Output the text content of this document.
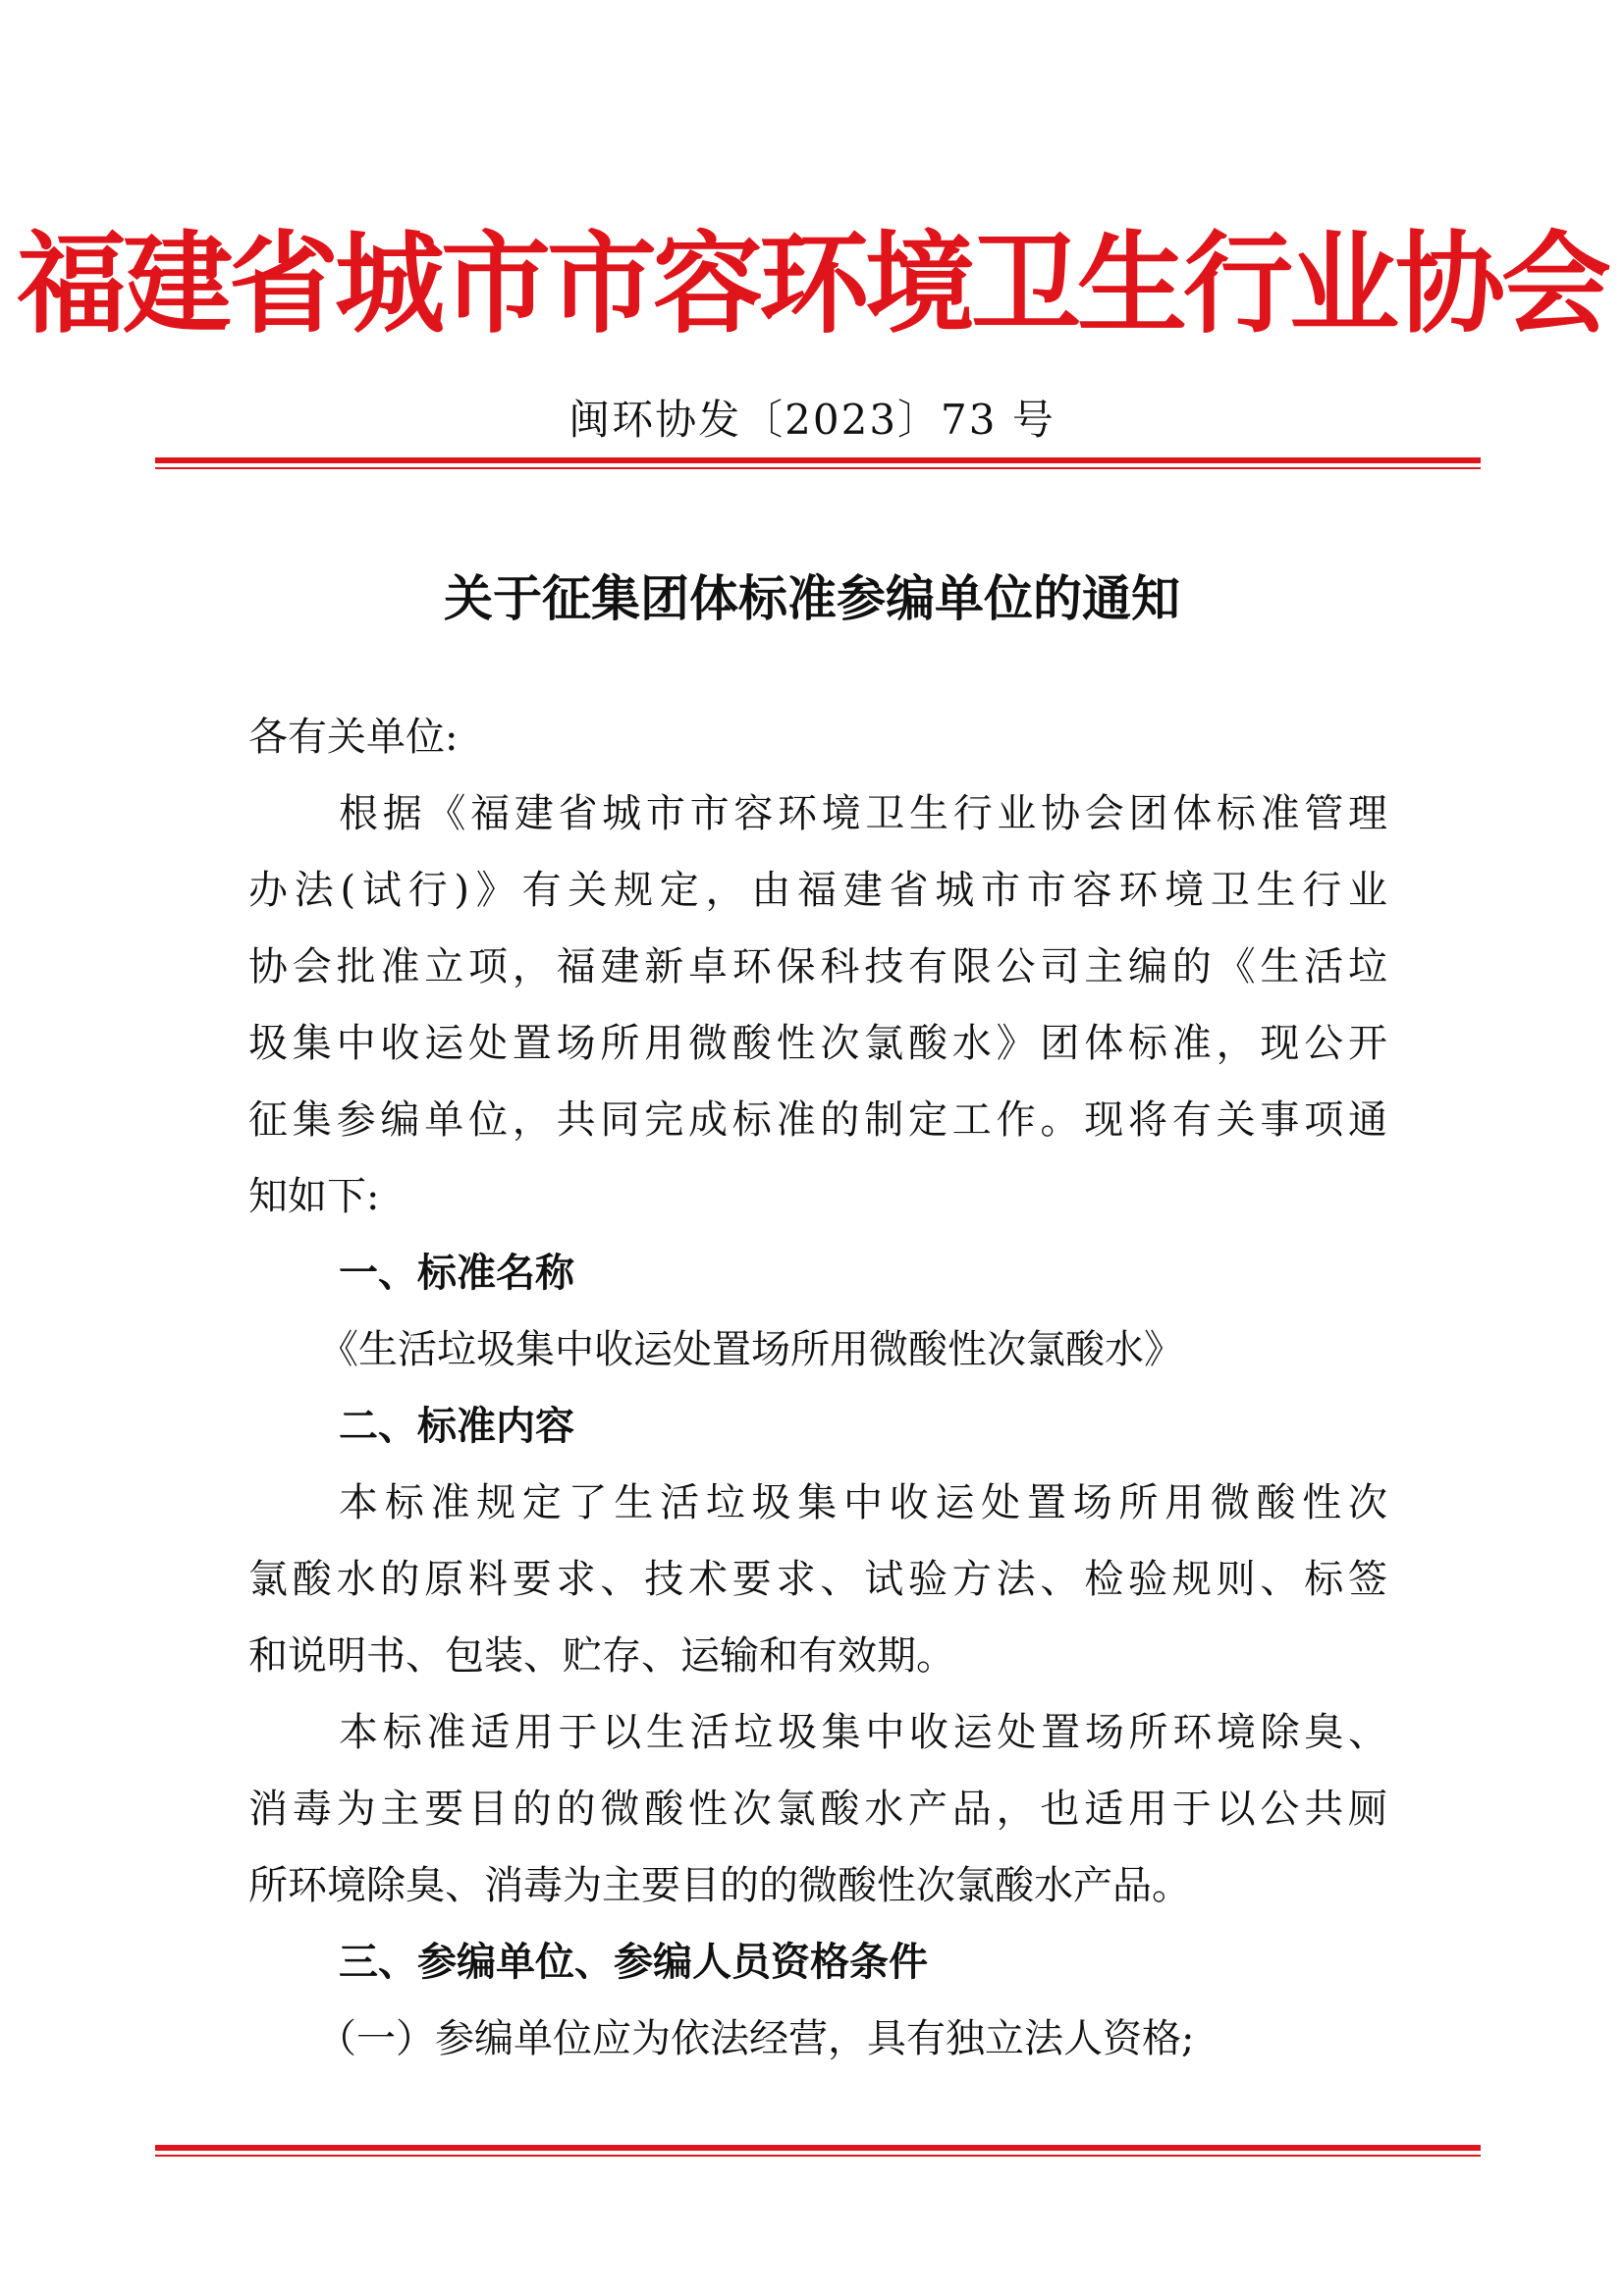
福建省城市市容环境卫生行业协会
闽环协发〔2023〕73 号
关于征集团体标准参编单位的通知
各有关单位:
根据《福建省城市市容环境卫生行业协会团体标准管理
办法(试行)》有关规定，由福建省城市市容环境卫生行业
协会批准立项，福建新卓环保科技有限公司主编的《生活垃
圾集中收运处置场所用微酸性次氯酸水》团体标准，现公开
征集参编单位，共同完成标准的制定工作。现将有关事项通
知如下:
一、标准名称
《生活垃圾集中收运处置场所用微酸性次氯酸水》
二、标准内容
本标准规定了生活垃圾集中收运处置场所用微酸性次
氯酸水的原料要求、技术要求、试验方法、检验规则、标签
和说明书、包装、贮存、运输和有效期。
本标准适用于以生活垃圾集中收运处置场所环境除臭、
消毒为主要目的的微酸性次氯酸水产品，也适用于以公共厕
所环境除臭、消毒为主要目的的微酸性次氯酸水产品。
三、参编单位、参编人员资格条件
（一）参编单位应为依法经营，具有独立法人资格;
